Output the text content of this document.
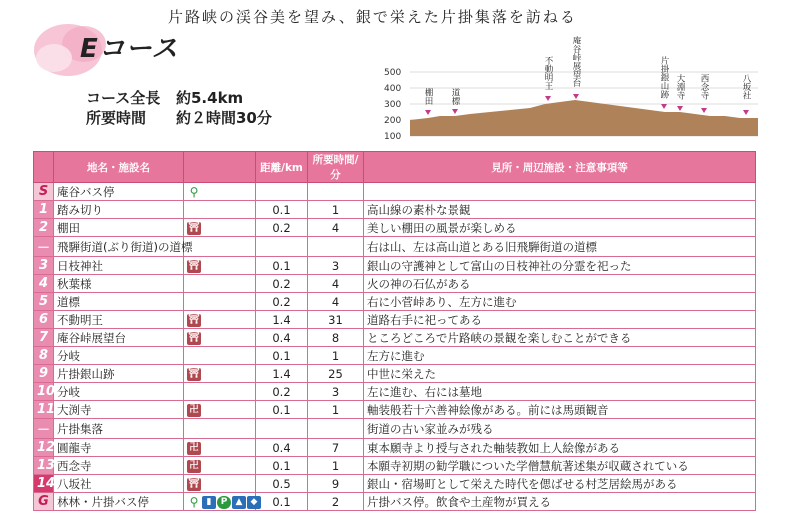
片路峡の渓谷美を望み、銀で栄えた片掛集落を訪ねる
Eコース
コース全長	約5.4km
所要時間	約２時間30分
500
400
300
200
100
棚田 道標
不動明王 庵谷峠展望台	片掛銀山跡 大淵寺 西念寺	八坂社
	地名・施設名		距離/km	所要時間/分	見所・周辺施設・注意事項等
S	庵谷バス停	⚲			
1	踏み切り		0.1	1	高山線の素朴な景観
2	棚田	⛩	0.2	4	美しい棚田の風景が楽しめる
－	飛騨街道(ぶり街道)の道標				右は山、左は高山道とある旧飛騨街道の道標
3	日枝神社	⛩	0.1	3	銀山の守護神として富山の日枝神社の分霊を祀った
4	秋葉様		0.2	4	火の神の石仏がある
5	道標		0.2	4	右に小菅峠あり、左方に進む
6	不動明王	⛩	1.4	31	道路右手に祀ってある
7	庵谷峠展望台	⛩	0.4	8	ところどころで片路峡の景観を楽しむことができる
8	分岐		0.1	1	左方に進む
9	片掛銀山跡	⛩	1.4	25	中世に栄えた
10	分岐		0.2	3	左に進む、右には墓地
11	大渕寺	卍	0.1	1	軸装般若十六善神絵像がある。前には馬頭観音
－	片掛集落				街道の古い家並みが残る
12	圓龍寺	卍	0.4	7	東本願寺より授与された軸装教如上人絵像がある
13	西念寺	卍	0.1	1	本願寺初期の勧学職についた学僧慧航著述集が収蔵されている
14	八坂社	⛩	0.5	9	銀山・宿場町として栄えた時代を偲ばせる村芝居絵馬がある
G	林林・片掛バス停	⚲ ▮ P ▲ ◆	0.1	2	片掛バス停。飲食や土産物が買える
